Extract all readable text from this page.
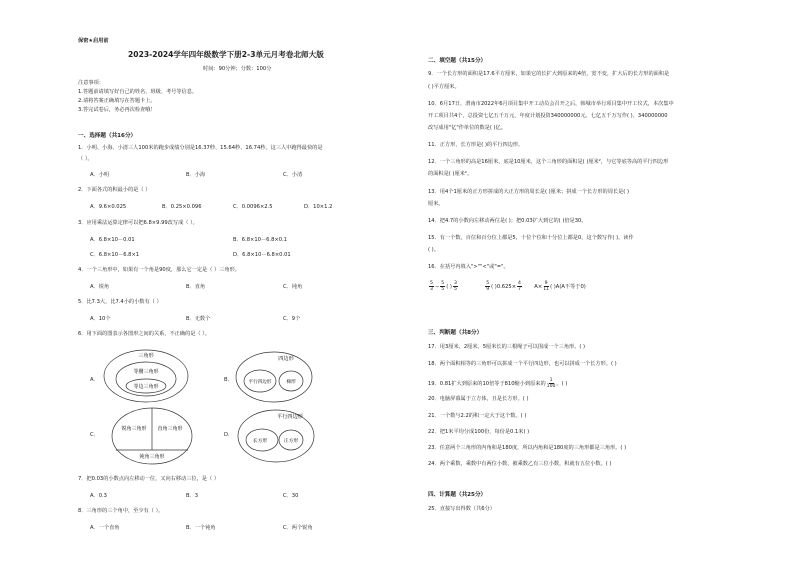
保密★启用前
2023-2024学年四年级数学下册2-3单元月考卷北师大版
时间：90分钟；分数：100分
注意事项：
1.答题前请填写好自己的姓名、班级、考号等信息。
2.请将答案正确填写在答题卡上。
3.答完试卷后，务必再次检查哦！
一、选择题（共16分）
1．小明、小海、小清三人100米的跑步成绩分别是16.37秒、15.64秒、16.74秒。这三人中跑得最快的是
（ ）。
A．小明	B．小海	C．小清
2．下面各式的积最小的是（ ）
A．9.6×0.025	B．0.25×0.096	C．0.0096×2.5	D．10×1.2
3．应用乘法运算定律可以把6.8×9.99改写成（ ）。
A．6.8×10－0.01	B．6.8×10－6.8×0.1
C．6.8×10－6.8×1	D．6.8×10－6.8×0.01
4．一个三角形中，如果有一个角是90度，那么它一定是（ ）三角形。
A．锐角	B．直角	C．钝角
5．比7.3大，比7.4小的小数有（ ）
A．10个	B．无数个	C．9个
6．用下面的图表示各图形之间的关系，不正确的是（ ）。
A．	B．
C．	D．
三角形
等腰三角形
等边三角形
四边形
平行四边形	梯形
锐角三角形 直角三角形
钝角三角形
平行四边形
长方形	正方形
7．把0.03的小数点向左移动一位，又向右移动三位，是（ ）
A．0.3	B．3	C．30
8．三角形的三个角中，至少有（ ）。
A．一个直角	B．一个钝角	C．两个锐角
二、填空题（共15分）
9．一个长方形的面积是17.6平方厘米，如果它的长扩大到原来的4倍，宽不变，扩大后的长方形的面积是
( )平方厘米。
10．6月17日，渭南市2022年6月项目集中开工动员会召开之后，韩城市举行项目集中开工仪式，本次集中
开工项目共4个，总投资七亿五千万元，年度计划投资340000000元。七亿五千万写作( )，340000000
改写成用"亿"作单位的数是( )亿。
11．正方形、长方形是( )的平行四边形。
12．一个三角形的高是16厘米，底是10厘米，这个三角形的面积是( )厘米²，与它等底等高的平行四边形
的面积是( )厘米²。
13．用4个1厘米的正方形拼成的大正方形的周长是( )厘米；拼成一个长方形的周长是( )
厘米。
14．把4.7的小数向左移动两位是( )；把0.03扩大到它的( )倍是30。
15．有一个数，百位和百分位上都是5，十位个位和十分位上都是0，这个数写作( )，读作
( )。
16．在括号内填入">""<"或"="。
$\frac{5}{3} - \frac{5}{5}$ ( ) $\frac{3}{5}$
	$\frac{5}{9}$ ( )$0.625\times \frac{4}{7} A\times \frac{9}{11}$ ( )A(A不等于0)
三、判断题（共8分）
17．用3厘米、2厘米、5厘米长的三根绳子可以围成一个三角形。( )
18．两个面积相等的三角形可以拼成一个平行四边形，也可以拼成一个长方形。( )
19．0.81扩大到原来的10倍等于810缩小到原来的 $\frac{1}{100}$ 。( )
20．电脑屏幕属于立方体，且是长方形。( )
21．一个数与2.2的积一定大于这个数。( )
22．把1米平均分成100份，每份是0.1米( )
23．任意两个三角形的内角和是180度，所以内角和是180度的三角形都是三角形。( )
24．两个乘数，乘数中有两位小数，被乘数乙有三位小数，积就有五位小数。( )
四、计算题（共25分）
25．直接写出得数（共6分）
